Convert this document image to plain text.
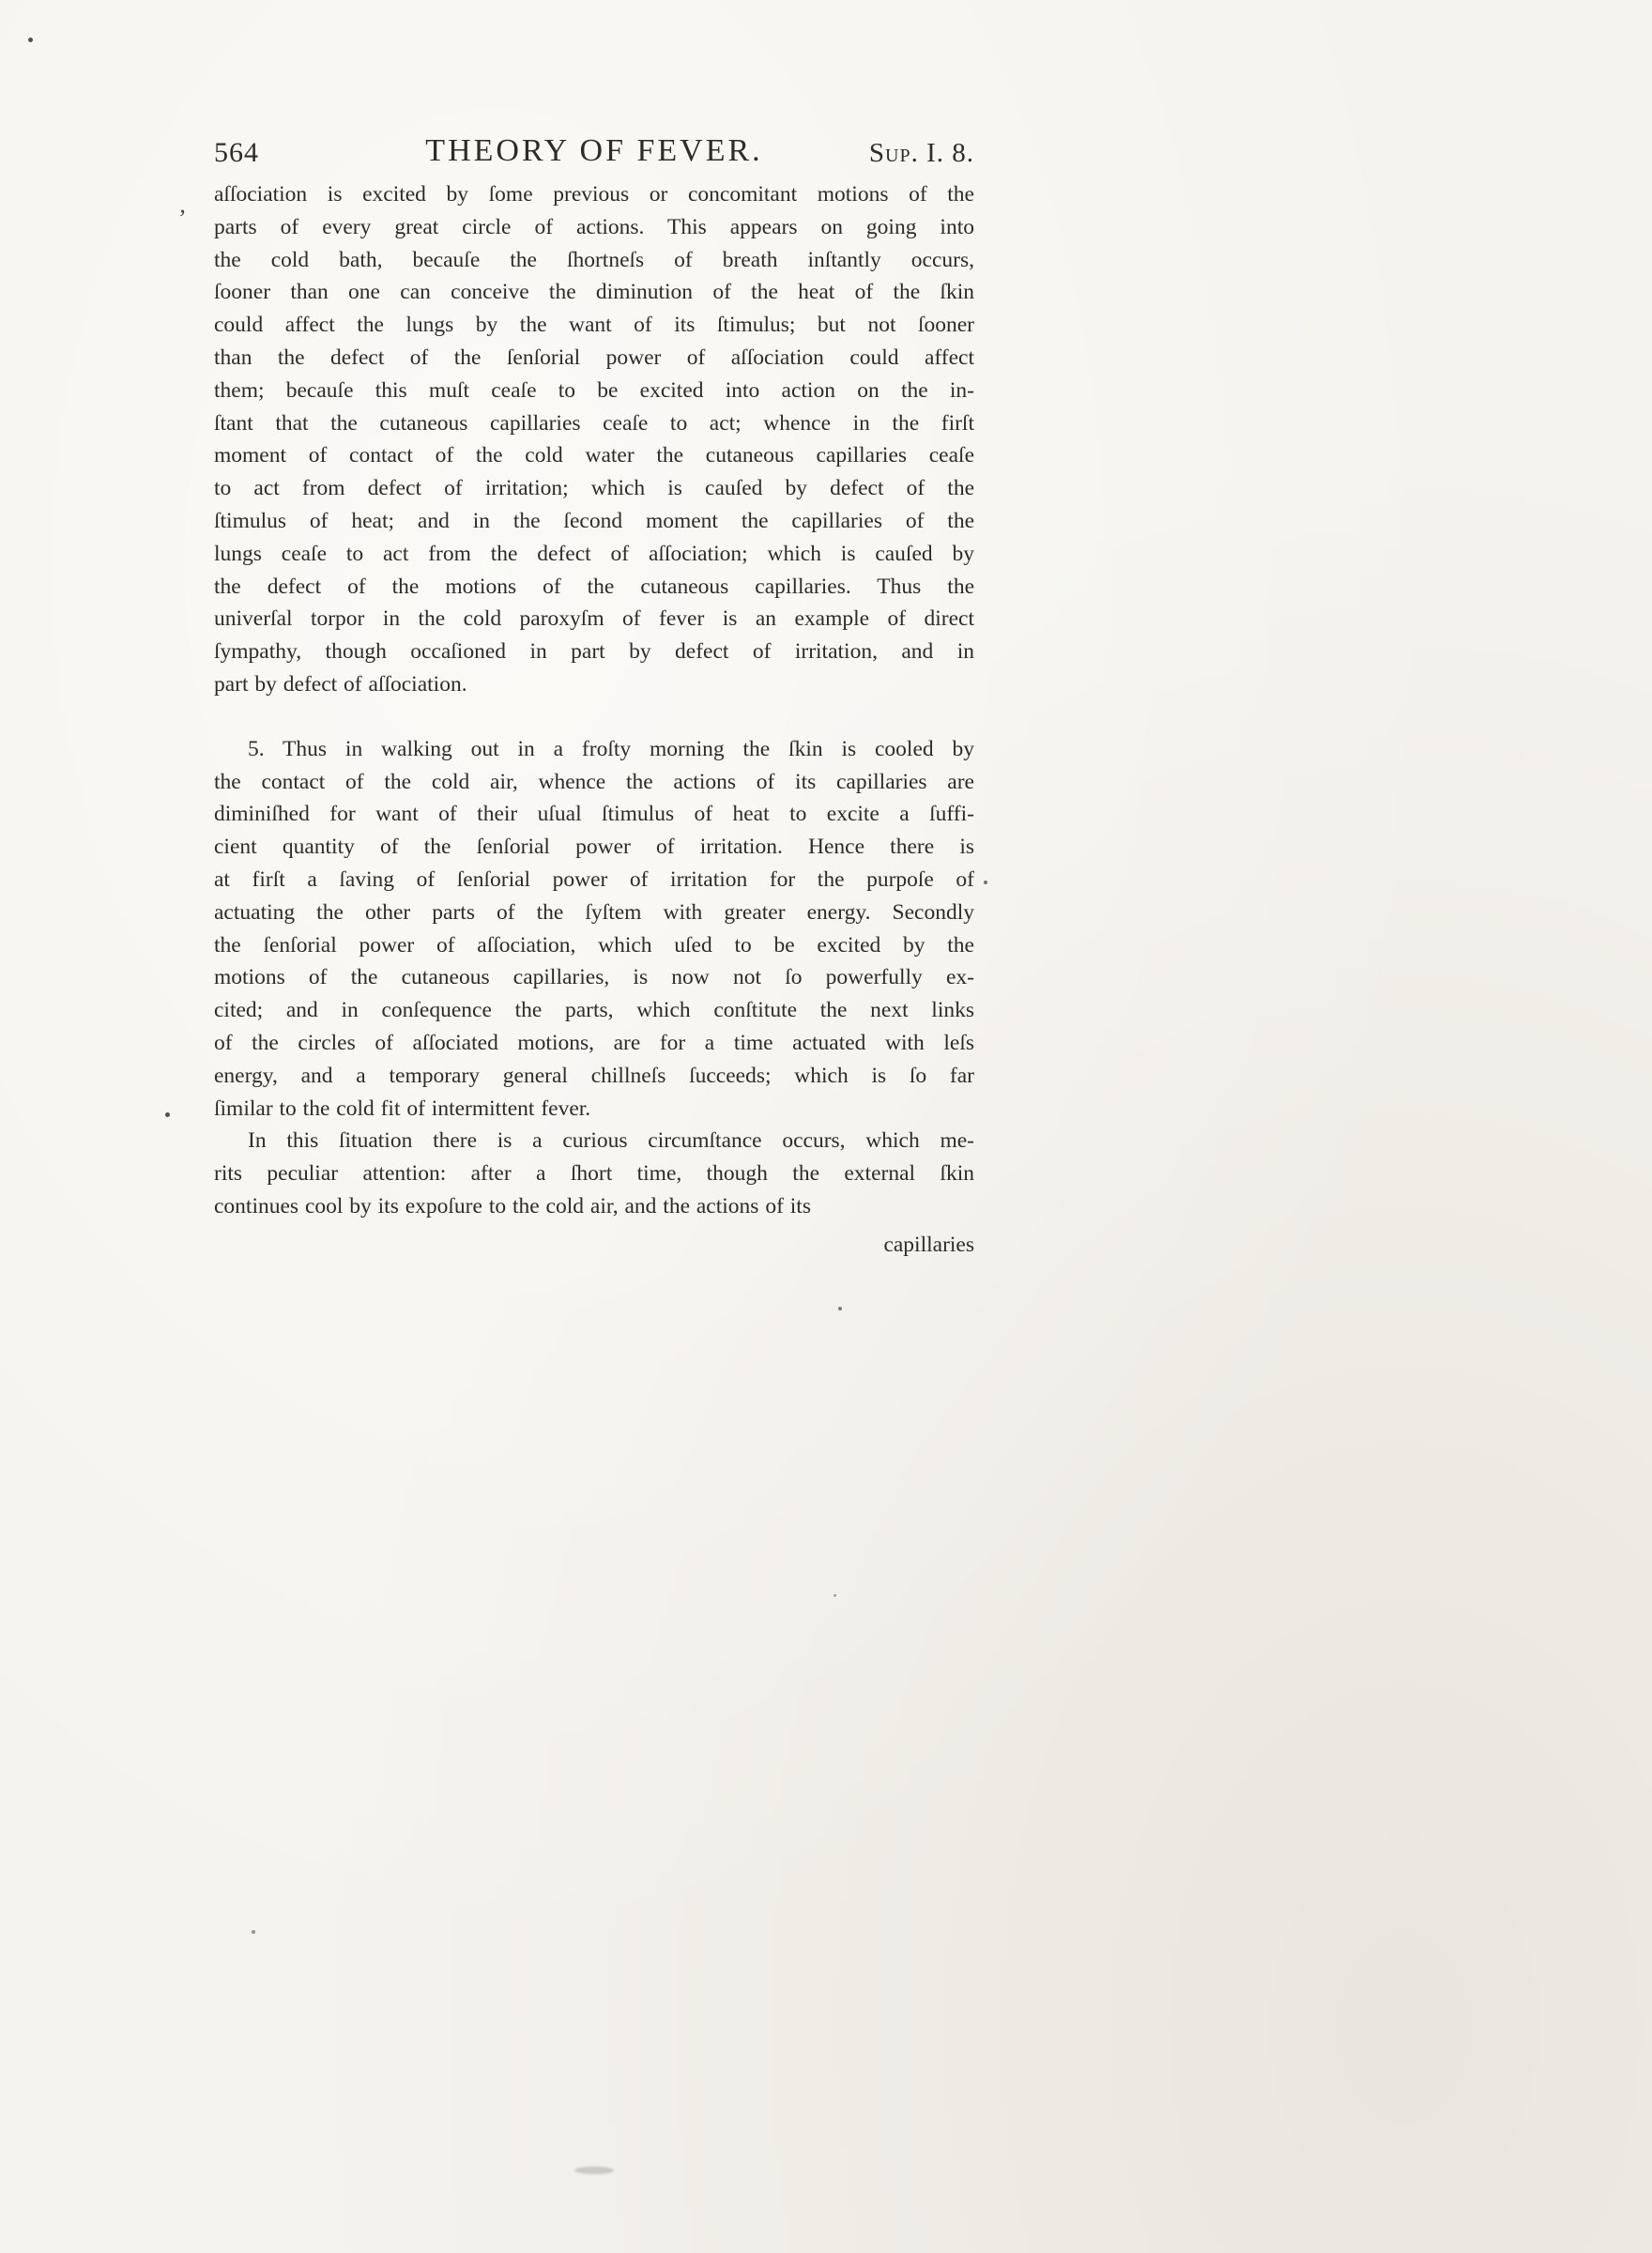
564	THEORY OF FEVER.	Sup. I. 8.
’
aſſociation is excited by ſome previous or concomitant motions of the
parts of every great circle of actions. This appears on going into
the cold bath, becauſe the ſhortneſs of breath inſtantly occurs,
ſooner than one can conceive the diminution of the heat of the ſkin
could affect the lungs by the want of its ſtimulus; but not ſooner
than the defect of the ſenſorial power of aſſociation could affect
them; becauſe this muſt ceaſe to be excited into action on the in-
ſtant that the cutaneous capillaries ceaſe to act; whence in the firſt
moment of contact of the cold water the cutaneous capillaries ceaſe
to act from defect of irritation; which is cauſed by defect of the
ſtimulus of heat; and in the ſecond moment the capillaries of the
lungs ceaſe to act from the defect of aſſociation; which is cauſed by
the defect of the motions of the cutaneous capillaries. Thus the
univerſal torpor in the cold paroxyſm of fever is an example of direct
ſympathy, though occaſioned in part by defect of irritation, and in
part by defect of aſſociation.
5. Thus in walking out in a froſty morning the ſkin is cooled by
the contact of the cold air, whence the actions of its capillaries are
diminiſhed for want of their uſual ſtimulus of heat to excite a ſuffi-
cient quantity of the ſenſorial power of irritation. Hence there is
at firſt a ſaving of ſenſorial power of irritation for the purpoſe of
actuating the other parts of the ſyſtem with greater energy. Secondly
the ſenſorial power of aſſociation, which uſed to be excited by the
motions of the cutaneous capillaries, is now not ſo powerfully ex-
cited; and in conſequence the parts, which conſtitute the next links
of the circles of aſſociated motions, are for a time actuated with leſs
energy, and a temporary general chillneſs ſucceeds; which is ſo far
ſimilar to the cold fit of intermittent fever.
In this ſituation there is a curious circumſtance occurs, which me-
rits peculiar attention: after a ſhort time, though the external ſkin
continues cool by its expoſure to the cold air, and the actions of its
capillaries
